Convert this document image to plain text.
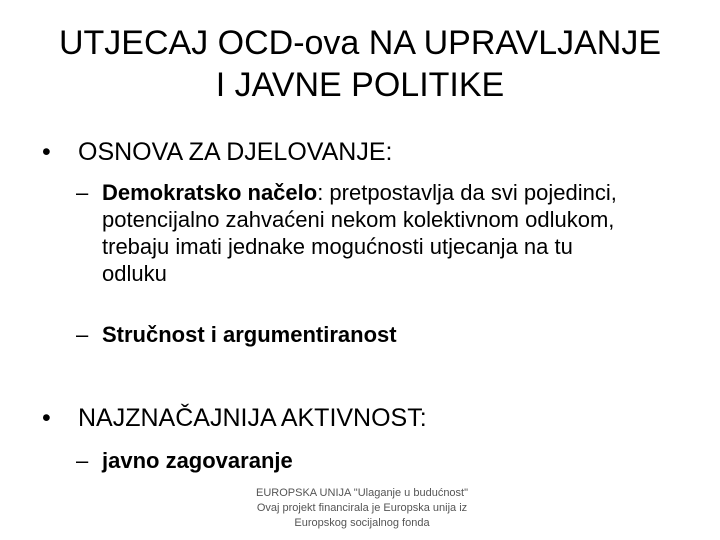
UTJECAJ OCD-ova NA UPRAVLJANJE
I JAVNE POLITIKE
• OSNOVA ZA DJELOVANJE:
– Demokratsko načelo: pretpostavlja da svi pojedinci, potencijalno zahvaćeni nekom kolektivnom odlukom, trebaju imati jednake mogućnosti utjecanja na tu odluku
– Stručnost i argumentiranost
• NAJZNAČAJNIJA AKTIVNOST:
– javno zagovaranje
EUROPSKA UNIJA "Ulaganje u budućnost" Ovaj projekt financirala je Europska unija iz Europskog socijalnog fonda
